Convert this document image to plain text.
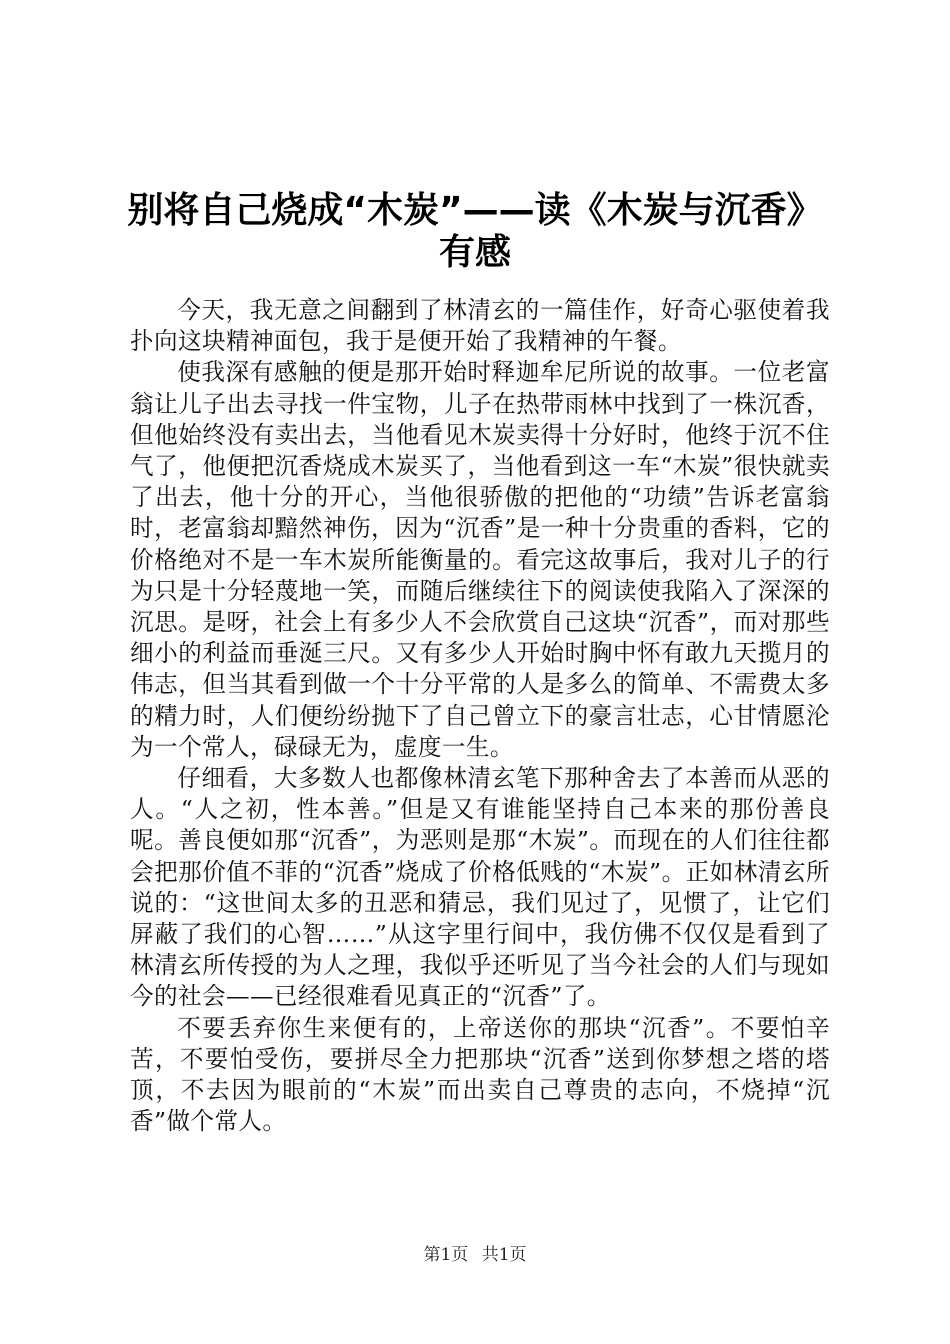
别将自己烧成“木炭”——读《木炭与沉香》
有感

今天，我无意之间翻到了林清玄的一篇佳作，好奇心驱使着我扑向这块精神面包，我于是便开始了我精神的午餐。

使我深有感触的便是那开始时释迦牟尼所说的故事。一位老富翁让儿子出去寻找一件宝物，儿子在热带雨林中找到了一株沉香，但他始终没有卖出去，当他看见木炭卖得十分好时，他终于沉不住气了，他便把沉香烧成木炭买了，当他看到这一车“木炭”很快就卖了出去，他十分的开心，当他很骄傲的把他的“功绩”告诉老富翁时，老富翁却黯然神伤，因为“沉香”是一种十分贵重的香料，它的价格绝对不是一车木炭所能衡量的。看完这故事后，我对儿子的行为只是十分轻蔑地一笑，而随后继续往下的阅读使我陷入了深深的沉思。是呀，社会上有多少人不会欣赏自己这块“沉香”，而对那些细小的利益而垂涎三尺。又有多少人开始时胸中怀有敢九天揽月的伟志，但当其看到做一个十分平常的人是多么的简单、不需费太多的精力时，人们便纷纷抛下了自己曾立下的豪言壮志，心甘情愿沦为一个常人，碌碌无为，虚度一生。

仔细看，大多数人也都像林清玄笔下那种舍去了本善而从恶的人。“人之初，性本善。”但是又有谁能坚持自己本来的那份善良呢。善良便如那“沉香”，为恶则是那“木炭”。而现在的人们往往都会把那价值不菲的“沉香”烧成了价格低贱的“木炭”。正如林清玄所说的：“这世间太多的丑恶和猜忌，我们见过了，见惯了，让它们屏蔽了我们的心智……”从这字里行间中，我仿佛不仅仅是看到了林清玄所传授的为人之理，我似乎还听见了当今社会的人们与现如今的社会——已经很难看见真正的“沉香”了。

不要丢弃你生来便有的，上帝送你的那块“沉香”。不要怕辛苦，不要怕受伤，要拼尽全力把那块“沉香”送到你梦想之塔的塔顶，不去因为眼前的“木炭”而出卖自己尊贵的志向，不烧掉“沉香”做个常人。

第1页 共1页
